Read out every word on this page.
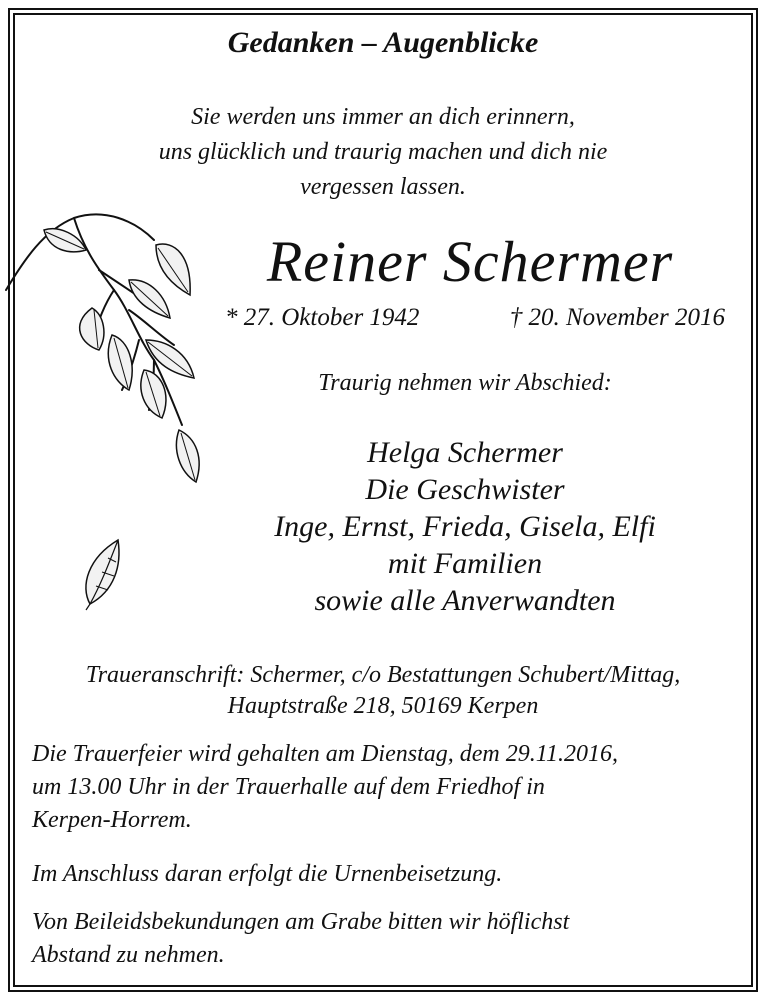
Gedanken – Augenblicke
Sie werden uns immer an dich erinnern,
uns glücklich und traurig machen und dich nie
vergessen lassen.
Reiner Schermer
* 27. Oktober 1942	† 20. November 2016
Traurig nehmen wir Abschied:
Helga Schermer
Die Geschwister
Inge, Ernst, Frieda, Gisela, Elfi
mit Familien
sowie alle Anverwandten
Traueranschrift: Schermer, c/o Bestattungen Schubert/Mittag,
Hauptstraße 218, 50169 Kerpen
Die Trauerfeier wird gehalten am Dienstag, dem 29.11.2016,
um 13.00 Uhr in der Trauerhalle auf dem Friedhof in
Kerpen-Horrem.
Im Anschluss daran erfolgt die Urnenbeisetzung.
Von Beileidsbekundungen am Grabe bitten wir höflichst
Abstand zu nehmen.
